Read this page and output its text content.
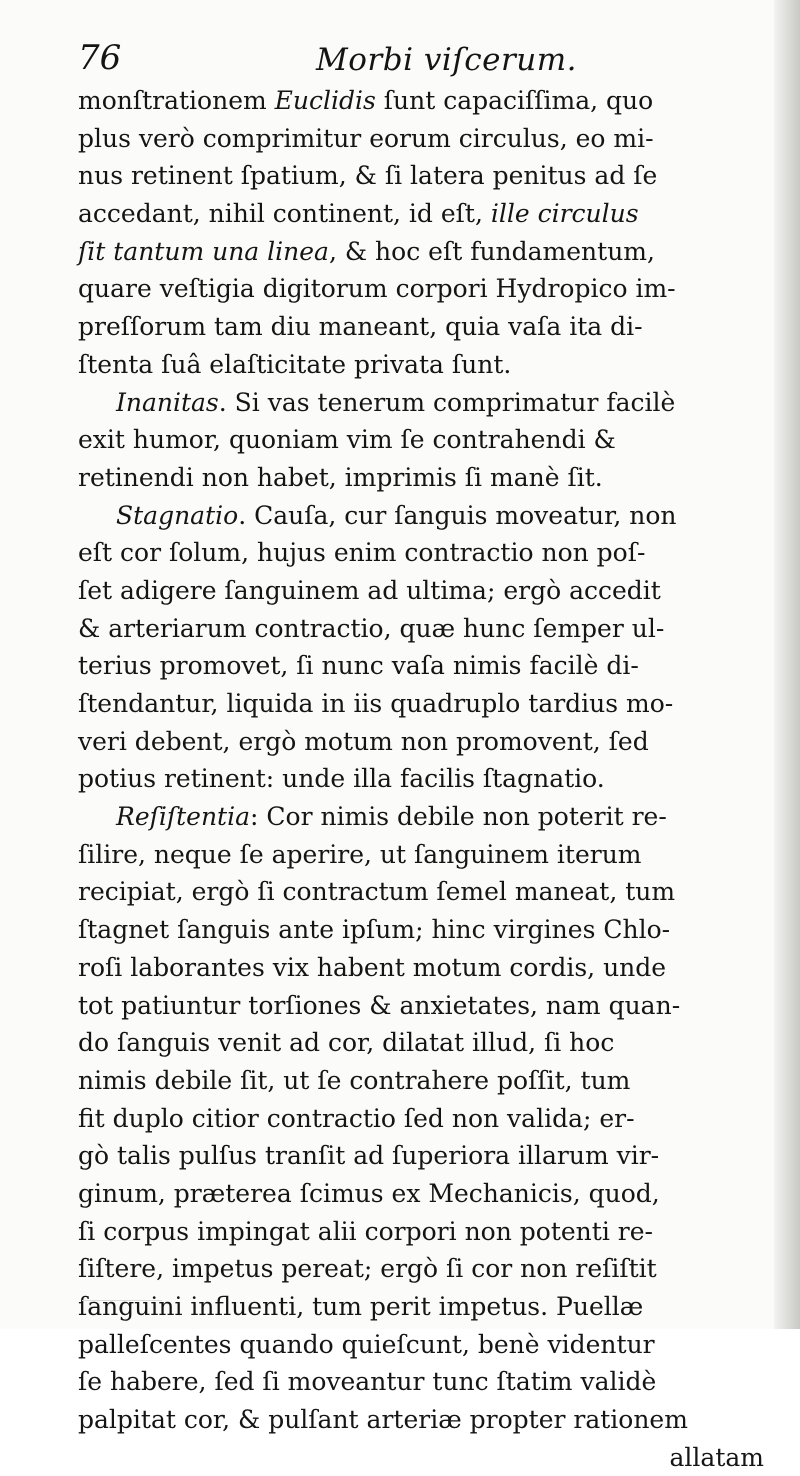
76	Morbi viſcerum.
monſtrationem Euclidis ſunt capaciſſima, quo
plus verò comprimitur eorum circulus, eo mi-
nus retinent ſpatium, & ſi latera penitus ad ſe
accedant, nihil continent, id eſt, ille circulus
ſit tantum una linea, & hoc eſt fundamentum,
quare veſtigia digitorum corpori Hydropico im-
preſſorum tam diu maneant, quia vaſa ita di-
ſtenta ſuâ elaſticitate privata ſunt.
Inanitas. Si vas tenerum comprimatur facilè
exit humor, quoniam vim ſe contrahendi &
retinendi non habet, imprimis ſi manè ſit.
Stagnatio. Cauſa, cur ſanguis moveatur, non
eſt cor ſolum, hujus enim contractio non poſ-
ſet adigere ſanguinem ad ultima; ergò accedit
& arteriarum contractio, quæ hunc ſemper ul-
terius promovet, ſi nunc vaſa nimis facilè di-
ſtendantur, liquida in iis quadruplo tardius mo-
veri debent, ergò motum non promovent, ſed
potius retinent: unde illa facilis ſtagnatio.
Reſiſtentia: Cor nimis debile non poterit re-
ſilire, neque ſe aperire, ut ſanguinem iterum
recipiat, ergò ſi contractum ſemel maneat, tum
ſtagnet ſanguis ante ipſum; hinc virgines Chlo-
roſi laborantes vix habent motum cordis, unde
tot patiuntur torſiones & anxietates, nam quan-
do ſanguis venit ad cor, dilatat illud, ſi hoc
nimis debile ſit, ut ſe contrahere poſſit, tum
fit duplo citior contractio ſed non valida; er-
gò talis pulſus tranſit ad ſuperiora illarum vir-
ginum, præterea ſcimus ex Mechanicis, quod,
ſi corpus impingat alii corpori non potenti re-
ſiſtere, impetus pereat; ergò ſi cor non reſiſtit
ſanguini influenti, tum perit impetus. Puellæ
palleſcentes quando quieſcunt, benè videntur
ſe habere, ſed ſi moveantur tunc ſtatim validè
palpitat cor, & pulſant arteriæ propter rationem
allatam
